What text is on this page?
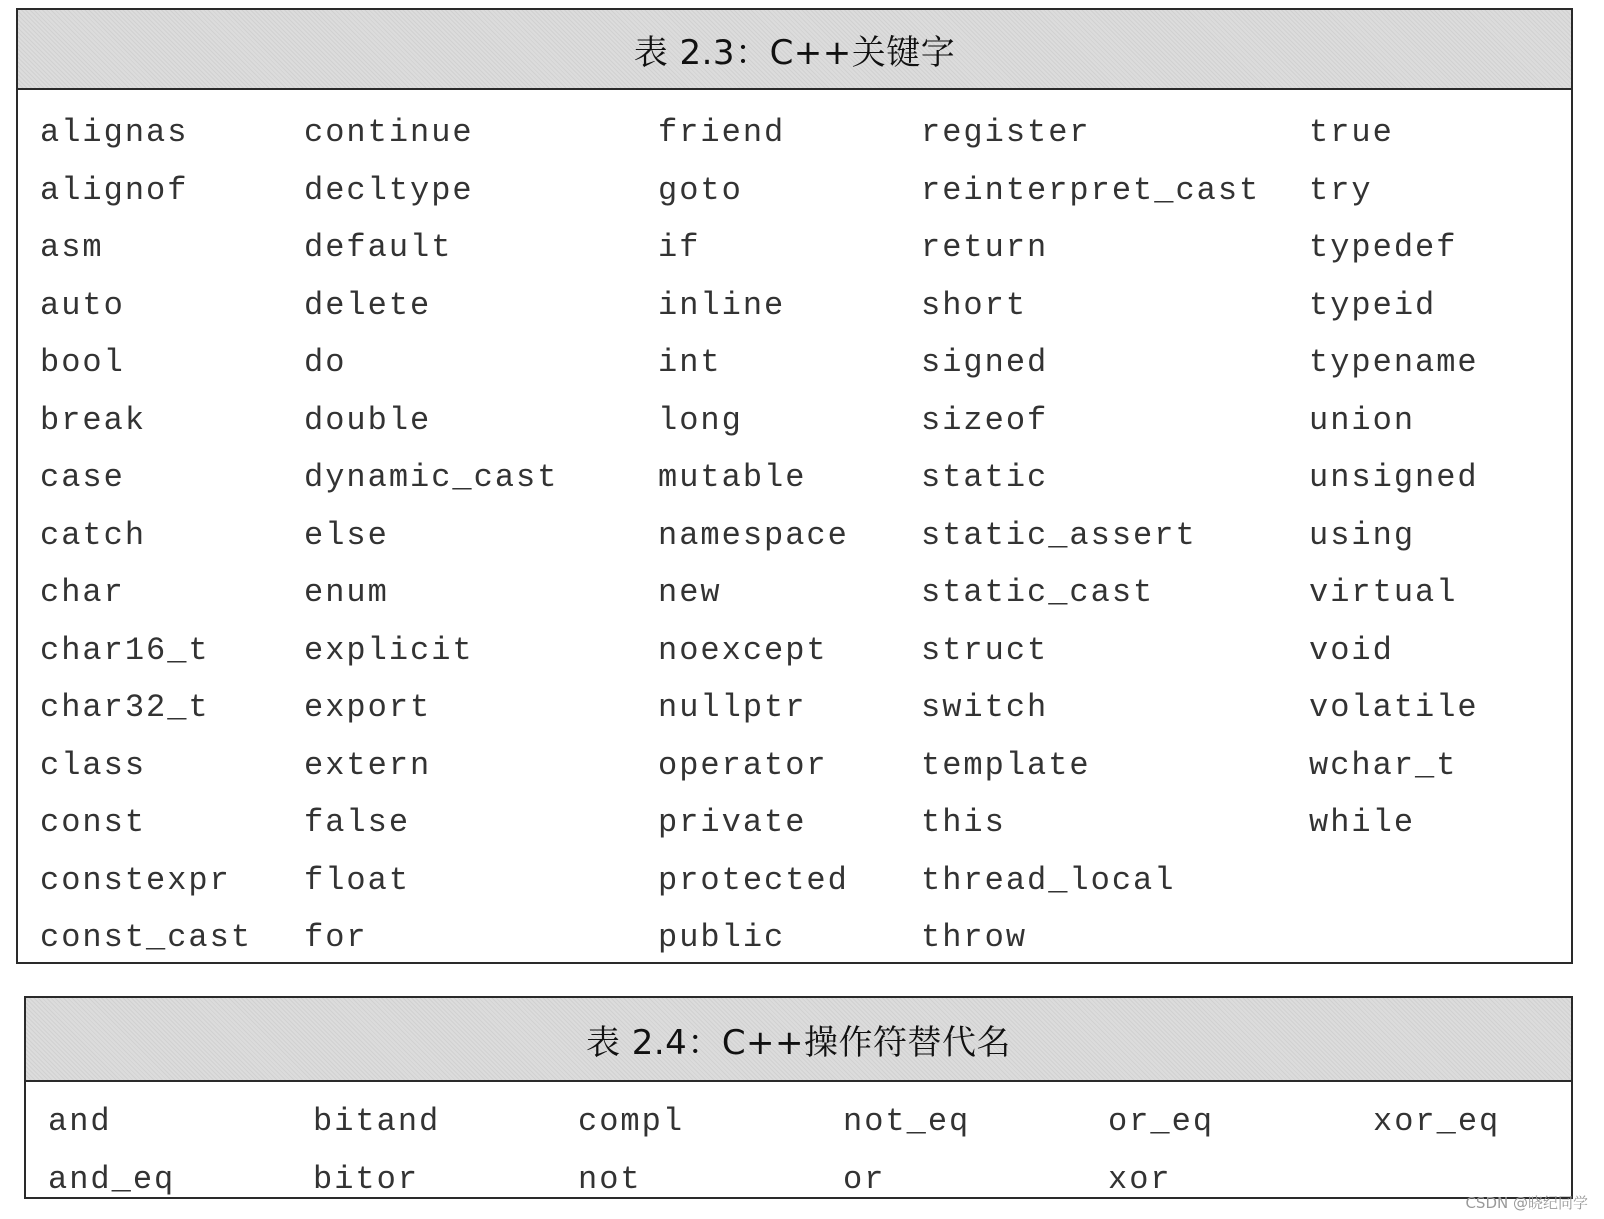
表 2.3：C++关键字
alignas
alignof
asm
auto
bool
break
case
catch
char
char16_t
char32_t
class
const
constexpr
const_cast
continue
decltype
default
delete
do
double
dynamic_cast
else
enum
explicit
export
extern
false
float
for
friend
goto
if
inline
int
long
mutable
namespace
new
noexcept
nullptr
operator
private
protected
public
register
reinterpret_cast
return
short
signed
sizeof
static
static_assert
static_cast
struct
switch
template
this
thread_local
throw
true
try
typedef
typeid
typename
union
unsigned
using
virtual
void
volatile
wchar_t
while
表 2.4：C++操作符替代名
and
and_eq
bitand
bitor
compl
not
not_eq
or
or_eq
xor
xor_eq
CSDN @晓纪同学
